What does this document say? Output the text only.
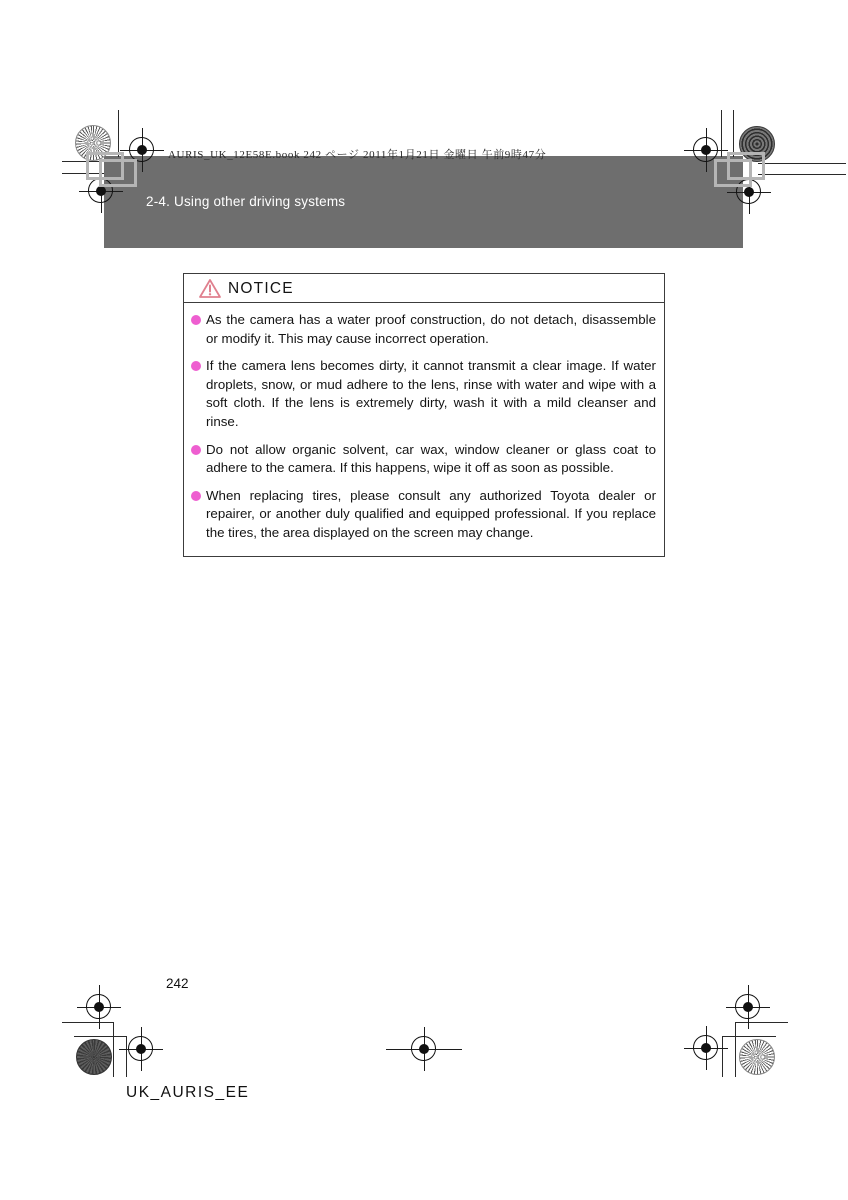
AURIS_UK_12E58E.book 242 ページ 2011年1月21日 金曜日 午前9時47分
2-4. Using other driving systems
NOTICE
As the camera has a water proof construction, do not detach, disassemble or modify it. This may cause incorrect operation.
If the camera lens becomes dirty, it cannot transmit a clear image. If water droplets, snow, or mud adhere to the lens, rinse with water and wipe with a soft cloth. If the lens is extremely dirty, wash it with a mild cleanser and rinse.
Do not allow organic solvent, car wax, window cleaner or glass coat to adhere to the camera. If this happens, wipe it off as soon as possible.
When replacing tires, please consult any authorized Toyota dealer or repairer, or another duly qualified and equipped professional. If you replace the tires, the area displayed on the screen may change.
242
UK_AURIS_EE
